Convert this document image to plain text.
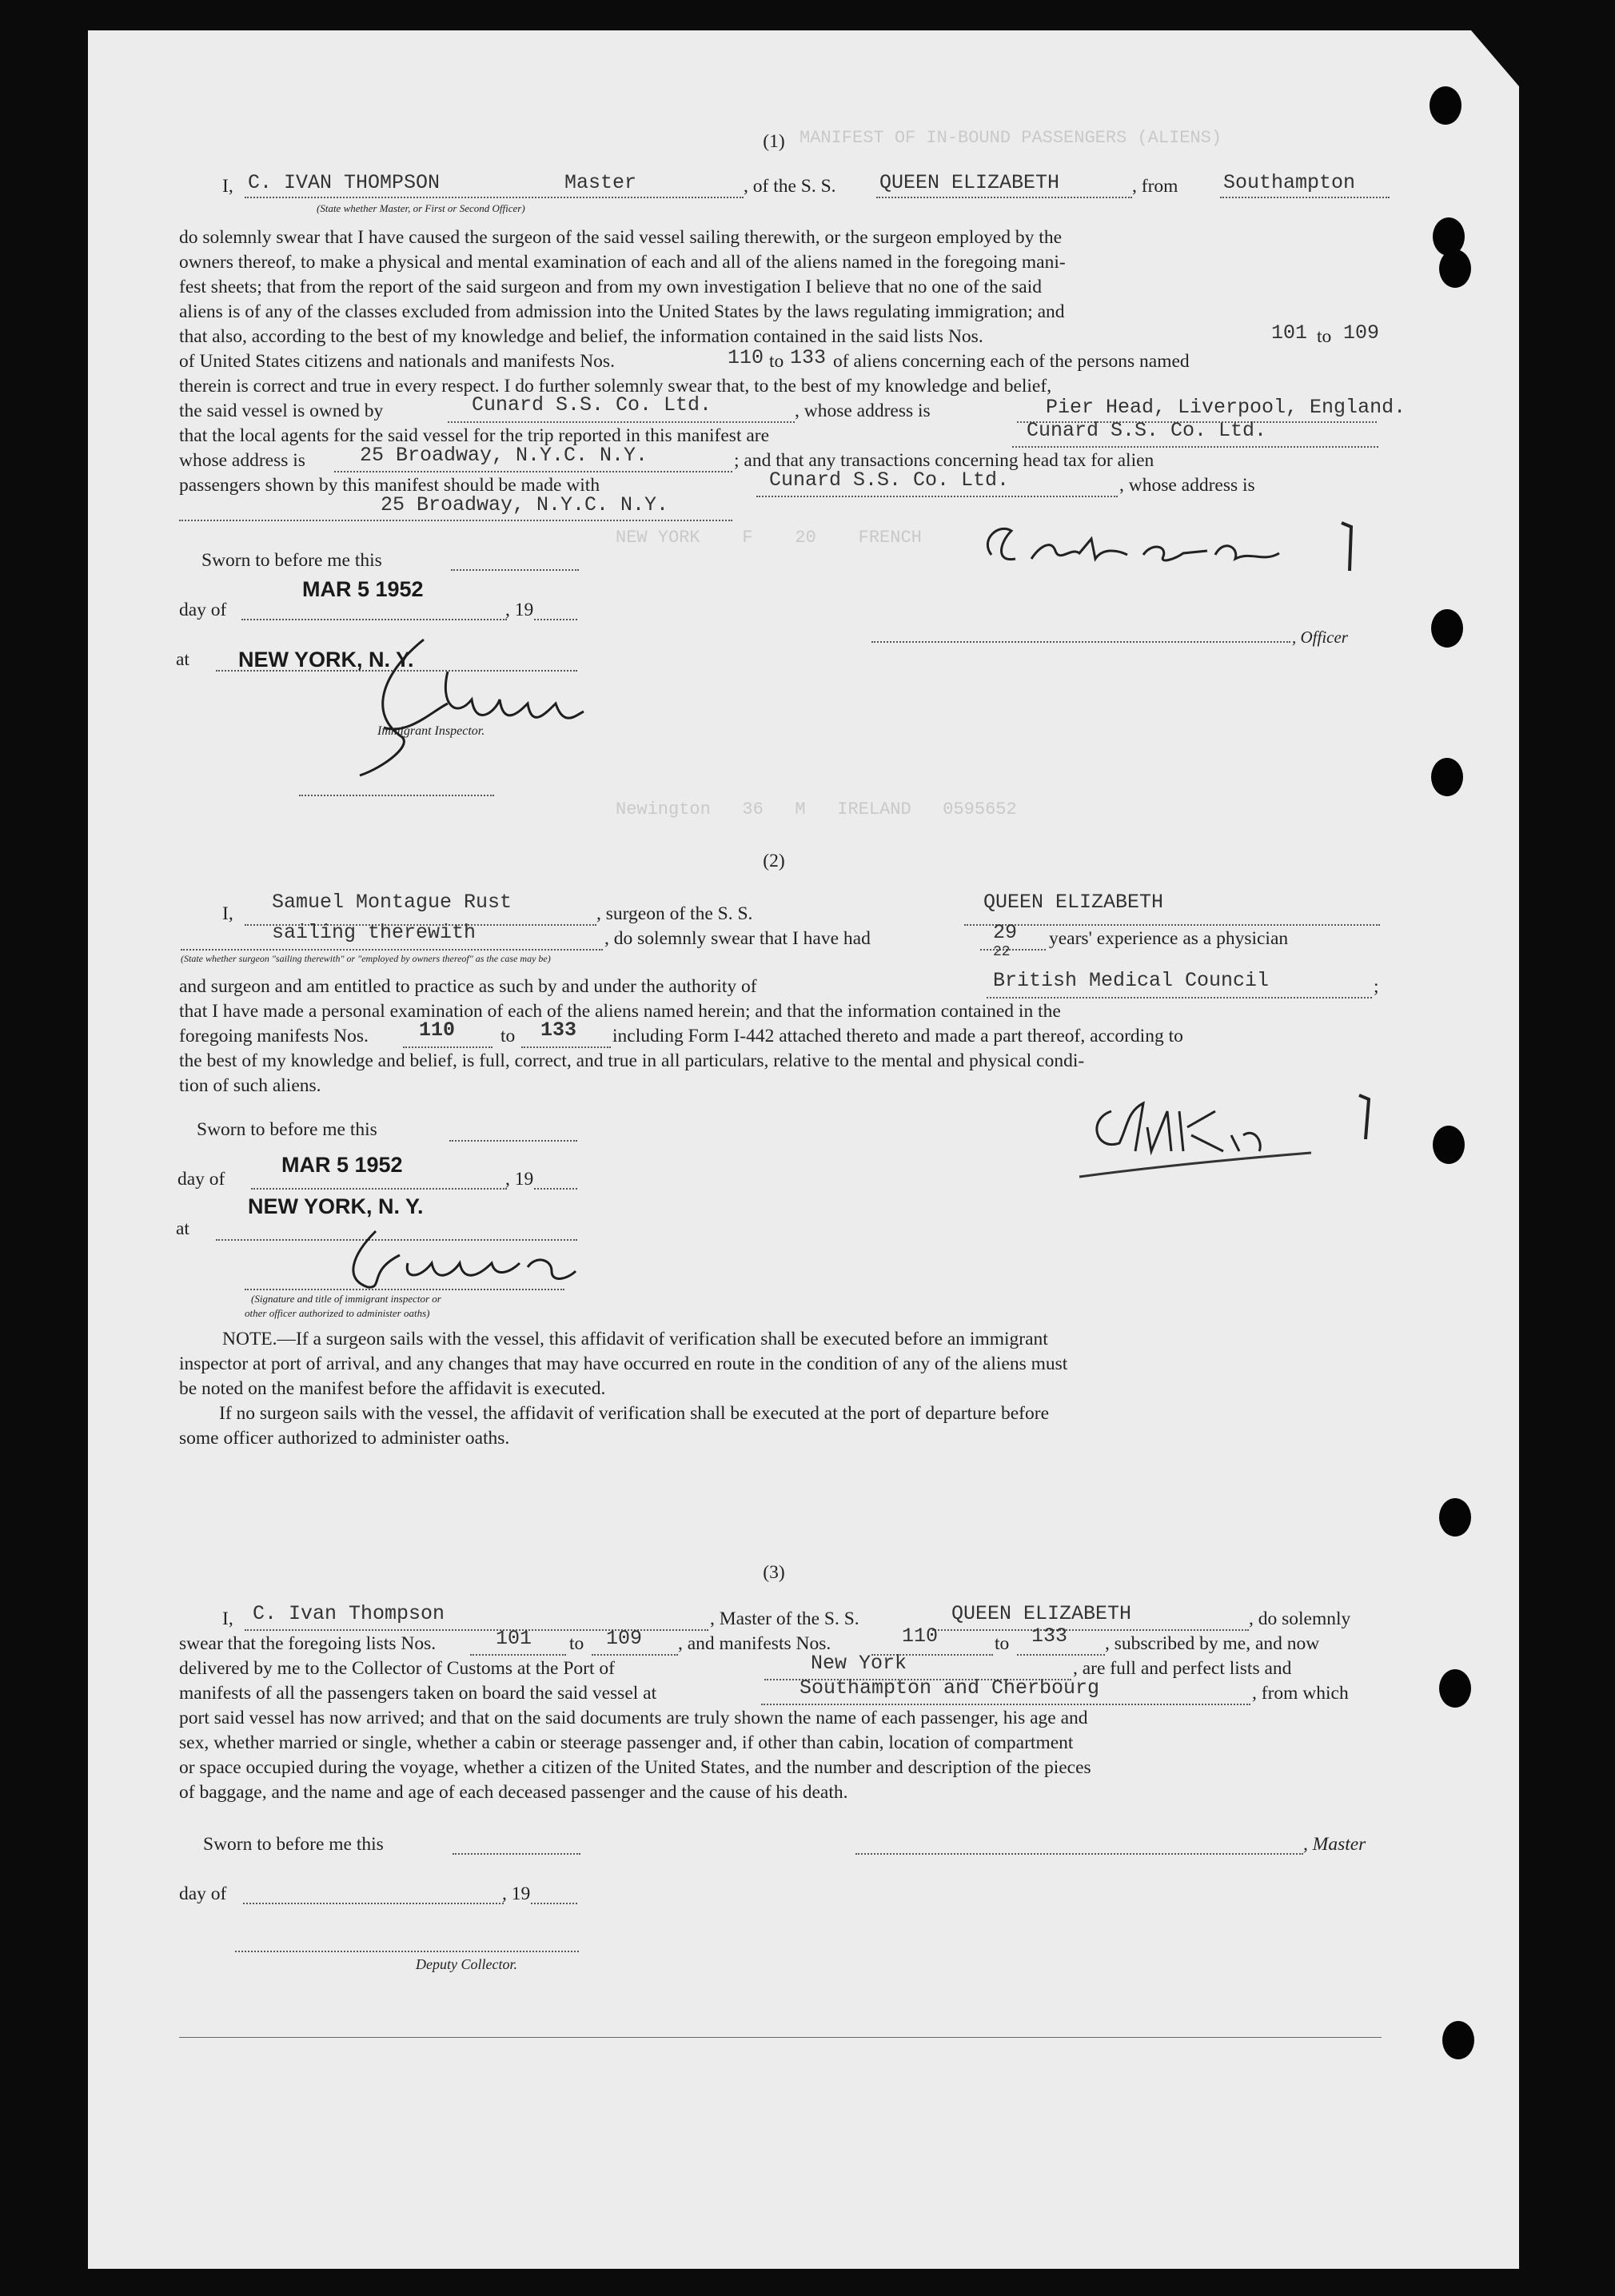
MANIFEST OF IN-BOUND PASSENGERS (ALIENS)
NEW YORK    F    20    FRENCH
Newington   36   M   IRELAND   0595652
(1)
I, C. IVAN THOMPSON	Master	, of the S. S. QUEEN ELIZABETH	, from Southampton
(State whether Master, or First or Second Officer)
do solemnly swear that I have caused the surgeon of the said vessel sailing therewith, or the surgeon employed by the
owners thereof, to make a physical and mental examination of each and all of the aliens named in the foregoing mani-
fest sheets; that from the report of the said surgeon and from my own investigation I believe that no one of the said
aliens is of any of the classes excluded from admission into the United States by the laws regulating immigration; and
that also, according to the best of my knowledge and belief, the information contained in the said lists Nos.	101 to 109
of United States citizens and nationals and manifests Nos.	110 to 133 of aliens concerning each of the persons named
therein is correct and true in every respect. I do further solemnly swear that, to the best of my knowledge and belief,
the said vessel is owned by	Cunard S.S. Co. Ltd.	, whose address is	Pier Head, Liverpool, England.
that the local agents for the said vessel for the trip reported in this manifest are	Cunard S.S. Co. Ltd.
whose address is	25 Broadway, N.Y.C. N.Y.	; and that any transactions concerning head tax for alien
passengers shown by this manifest should be made with	Cunard S.S. Co. Ltd.	, whose address is
25 Broadway, N.Y.C. N.Y.
Sworn to before me this
day of
MAR 5 1952
, 19
at NEW YORK, N. Y.
Immigrant Inspector.
, Officer
(2)
I, Samuel Montague Rust	, surgeon of the S. S.	QUEEN ELIZABETH
sailing therewith	, do solemnly swear that I have had	29
22
years' experience as a physician
(State whether surgeon "sailing therewith" or "employed by owners thereof" as the case may be)
and surgeon and am entitled to practice as such by and under the authority of	British Medical Council	;
that I have made a personal examination of each of the aliens named herein; and that the information contained in the
foregoing manifests Nos.	110 to 133 including Form I-442 attached thereto and made a part thereof, according to
the best of my knowledge and belief, is full, correct, and true in all particulars, relative to the mental and physical condi-
tion of such aliens.
Sworn to before me this
day of
MAR 5 1952
, 19
at
NEW YORK, N. Y.
(Signature and title of immigrant inspector or
other officer authorized to administer oaths)
NOTE.—If a surgeon sails with the vessel, this affidavit of verification shall be executed before an immigrant
inspector at port of arrival, and any changes that may have occurred en route in the condition of any of the aliens must
be noted on the manifest before the affidavit is executed.
If no surgeon sails with the vessel, the affidavit of verification shall be executed at the port of departure before
some officer authorized to administer oaths.
(3)
I, C. Ivan Thompson	, Master of the S. S.	QUEEN ELIZABETH	, do solemnly
swear that the foregoing lists Nos.	101 to 109 , and manifests Nos.	110	to 133 , subscribed by me, and now
delivered by me to the Collector of Customs at the Port of	New York	, are full and perfect lists and
manifests of all the passengers taken on board the said vessel at	Southampton and Cherbourg	, from which
port said vessel has now arrived; and that on the said documents are truly shown the name of each passenger, his age and
sex, whether married or single, whether a cabin or steerage passenger and, if other than cabin, location of compartment
or space occupied during the voyage, whether a citizen of the United States, and the number and description of the pieces
of baggage, and the name and age of each deceased passenger and the cause of his death.
Sworn to before me this	, Master
day of	, 19
Deputy Collector.
